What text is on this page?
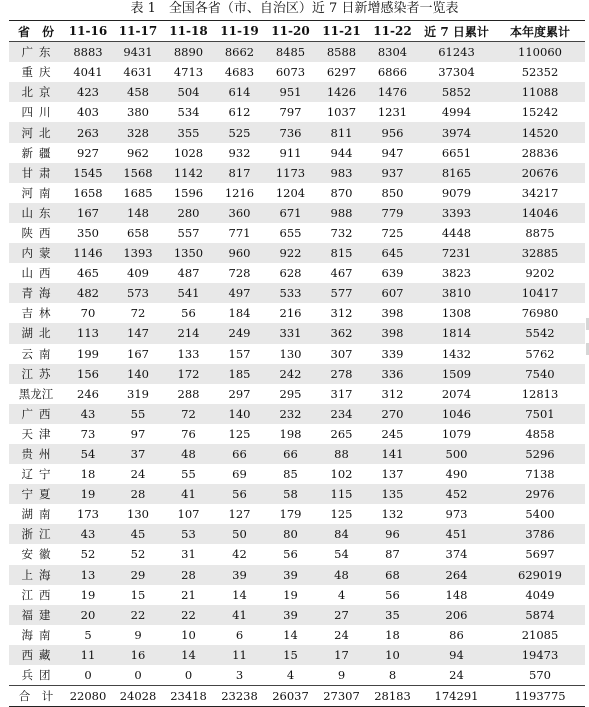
表 1　全国各省（市、自治区）近 7 日新增感染者一览表
省　份	11-16	11-17	11-18	11-19	11-20	11-21	11-22	近 7 日累计	本年度累计
广东	8883	9431	8890	8662	8485	8588	8304	61243	110060
重庆	4041	4631	4713	4683	6073	6297	6866	37304	52352
北京	423	458	504	614	951	1426	1476	5852	11088
四川	403	380	534	612	797	1037	1231	4994	15242
河北	263	328	355	525	736	811	956	3974	14520
新疆	927	962	1028	932	911	944	947	6651	28836
甘肃	1545	1568	1142	817	1173	983	937	8165	20676
河南	1658	1685	1596	1216	1204	870	850	9079	34217
山东	167	148	280	360	671	988	779	3393	14046
陕西	350	658	557	771	655	732	725	4448	8875
内蒙	1146	1393	1350	960	922	815	645	7231	32885
山西	465	409	487	728	628	467	639	3823	9202
青海	482	573	541	497	533	577	607	3810	10417
吉林	70	72	56	184	216	312	398	1308	76980
湖北	113	147	214	249	331	362	398	1814	5542
云南	199	167	133	157	130	307	339	1432	5762
江苏	156	140	172	185	242	278	336	1509	7540
黑龙江	246	319	288	297	295	317	312	2074	12813
广西	43	55	72	140	232	234	270	1046	7501
天津	73	97	76	125	198	265	245	1079	4858
贵州	54	37	48	66	66	88	141	500	5296
辽宁	18	24	55	69	85	102	137	490	7138
宁夏	19	28	41	56	58	115	135	452	2976
湖南	173	130	107	127	179	125	132	973	5400
浙江	43	45	53	50	80	84	96	451	3786
安徽	52	52	31	42	56	54	87	374	5697
上海	13	29	28	39	39	48	68	264	629019
江西	19	15	21	14	19	4	56	148	4049
福建	20	22	22	41	39	27	35	206	5874
海南	5	9	10	6	14	24	18	86	21085
西藏	11	16	14	11	15	17	10	94	19473
兵团	0	0	0	3	4	9	8	24	570
合　计	22080	24028	23418	23238	26037	27307	28183	174291	1193775
